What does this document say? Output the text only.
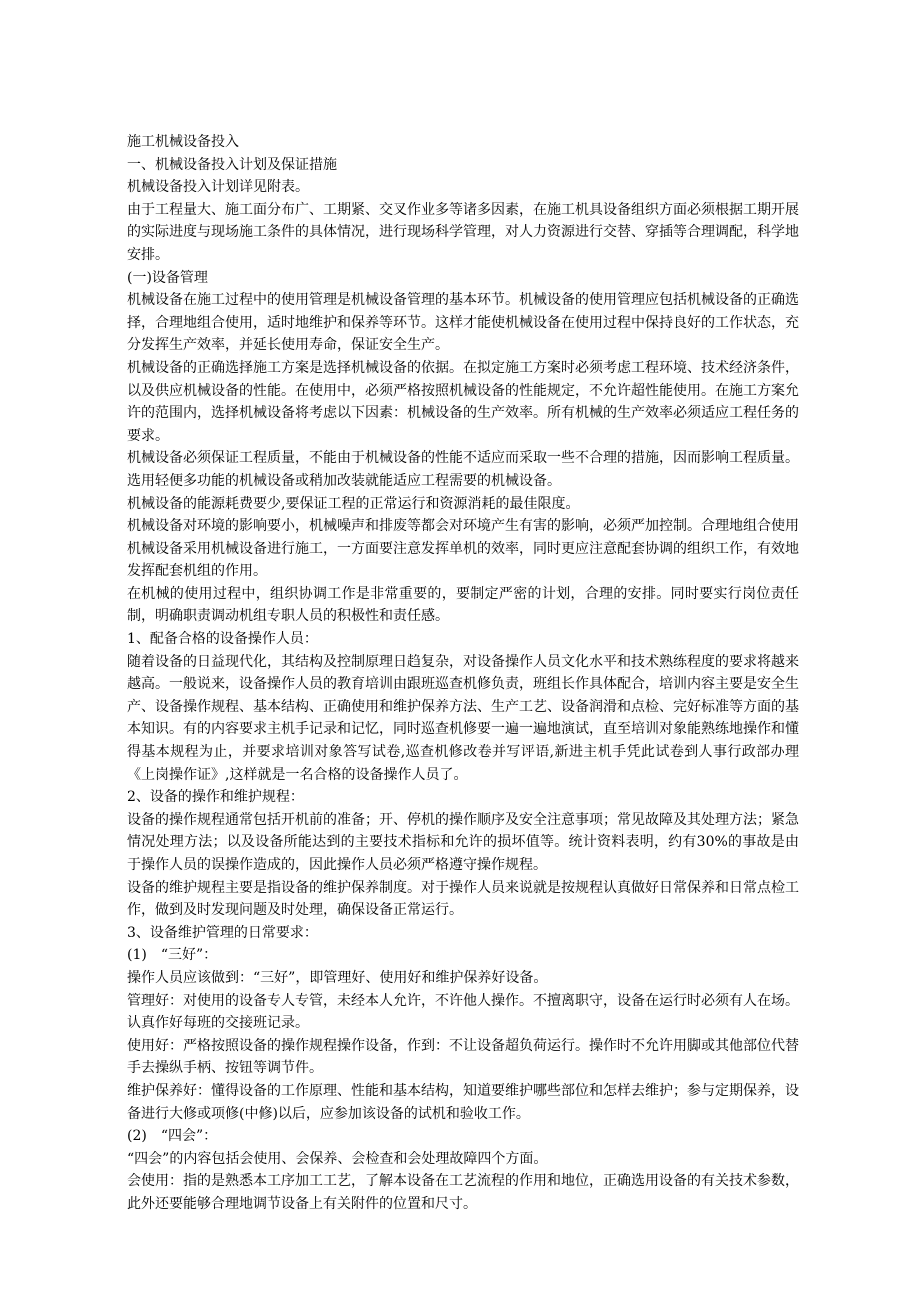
施工机械设备投入

一、机械设备投入计划及保证措施

机械设备投入计划详见附表。

由于工程量大、施工面分布广、工期紧、交叉作业多等诸多因素，在施工机具设备组织方面必须根据工期开展的实际进度与现场施工条件的具体情况，进行现场科学管理，对人力资源进行交替、穿插等合理调配，科学地安排。

(一)设备管理

机械设备在施工过程中的使用管理是机械设备管理的基本环节。机械设备的使用管理应包括机械设备的正确选择，合理地组合使用，适时地维护和保养等环节。这样才能使机械设备在使用过程中保持良好的工作状态，充分发挥生产效率，并延长使用寿命，保证安全生产。

机械设备的正确选择施工方案是选择机械设备的依据。在拟定施工方案时必须考虑工程环境、技术经济条件，以及供应机械设备的性能。在使用中，必须严格按照机械设备的性能规定，不允许超性能使用。在施工方案允许的范围内，选择机械设备将考虑以下因素：机械设备的生产效率。所有机械的生产效率必须适应工程任务的要求。

机械设备必须保证工程质量，不能由于机械设备的性能不适应而采取一些不合理的措施，因而影响工程质量。

选用轻便多功能的机械设备或稍加改装就能适应工程需要的机械设备。

机械设备的能源耗费要少,要保证工程的正常运行和资源消耗的最佳限度。

机械设备对环境的影响要小，机械噪声和排废等都会对环境产生有害的影响，必须严加控制。合理地组合使用机械设备采用机械设备进行施工，一方面要注意发挥单机的效率，同时更应注意配套协调的组织工作，有效地发挥配套机组的作用。

在机械的使用过程中，组织协调工作是非常重要的，要制定严密的计划，合理的安排。同时要实行岗位责任制，明确职责调动机组专职人员的积极性和责任感。

1、配备合格的设备操作人员：

随着设备的日益现代化，其结构及控制原理日趋复杂，对设备操作人员文化水平和技术熟练程度的要求将越来越高。一般说来，设备操作人员的教育培训由跟班巡查机修负责，班组长作具体配合，培训内容主要是安全生产、设备操作规程、基本结构、正确使用和维护保养方法、生产工艺、设备润滑和点检、完好标准等方面的基本知识。有的内容要求主机手记录和记忆，同时巡查机修要一遍一遍地演试，直至培训对象能熟练地操作和懂得基本规程为止，并要求培训对象答写试卷,巡查机修改卷并写评语,新进主机手凭此试卷到人事行政部办理《上岗操作证》,这样就是一名合格的设备操作人员了。

2、设备的操作和维护规程：

设备的操作规程通常包括开机前的准备；开、停机的操作顺序及安全注意事项；常见故障及其处理方法；紧急情况处理方法；以及设备所能达到的主要技术指标和允许的损坏值等。统计资料表明，约有30%的事故是由于操作人员的误操作造成的，因此操作人员必须严格遵守操作规程。

设备的维护规程主要是指设备的维护保养制度。对于操作人员来说就是按规程认真做好日常保养和日常点检工作，做到及时发现问题及时处理，确保设备正常运行。

3、设备维护管理的日常要求：

(1)　“三好”：

操作人员应该做到：“三好”，即管理好、使用好和维护保养好设备。

管理好：对使用的设备专人专管，未经本人允许，不许他人操作。不擅离职守，设备在运行时必须有人在场。认真作好每班的交接班记录。

使用好：严格按照设备的操作规程操作设备，作到：不让设备超负荷运行。操作时不允许用脚或其他部位代替手去操纵手柄、按钮等调节件。

维护保养好：懂得设备的工作原理、性能和基本结构，知道要维护哪些部位和怎样去维护；参与定期保养，设备进行大修或项修(中修)以后，应参加该设备的试机和验收工作。

(2)　“四会”：

“四会”的内容包括会使用、会保养、会检查和会处理故障四个方面。

会使用：指的是熟悉本工序加工工艺，了解本设备在工艺流程的作用和地位，正确选用设备的有关技术参数，此外还要能够合理地调节设备上有关附件的位置和尺寸。
